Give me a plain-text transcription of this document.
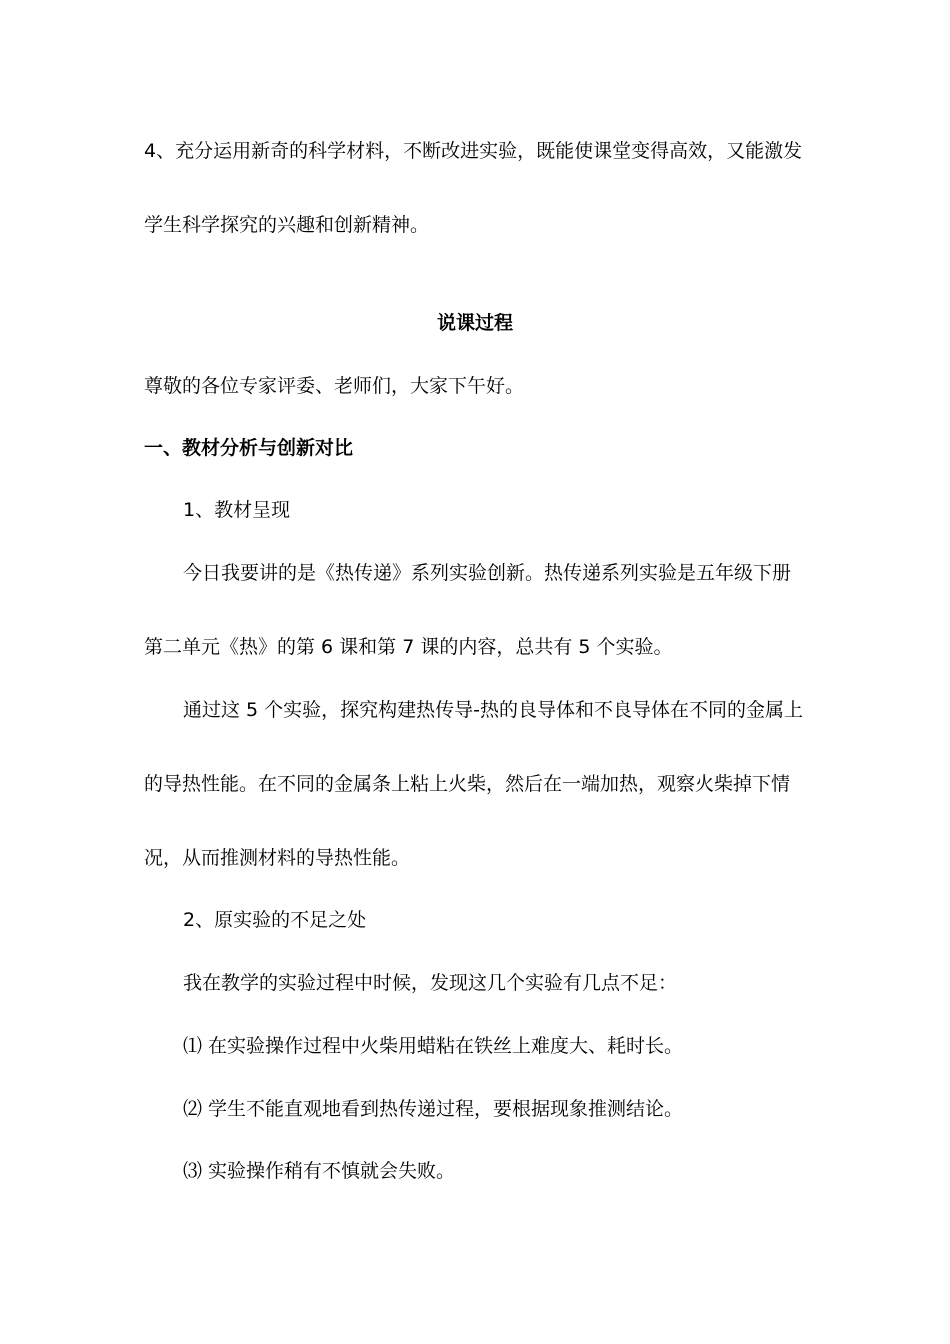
4、充分运用新奇的科学材料，不断改进实验，既能使课堂变得高效，又能激发
学生科学探究的兴趣和创新精神。
说课过程
尊敬的各位专家评委、老师们，大家下午好。
一、教材分析与创新对比
1、教材呈现
今日我要讲的是《热传递》系列实验创新。热传递系列实验是五年级下册
第二单元《热》的第 6 课和第 7 课的内容，总共有 5 个实验。
通过这 5 个实验，探究构建热传导-热的良导体和不良导体在不同的金属上
的导热性能。在不同的金属条上粘上火柴，然后在一端加热，观察火柴掉下情
况，从而推测材料的导热性能。
2、原实验的不足之处
我在教学的实验过程中时候，发现这几个实验有几点不足：
⑴ 在实验操作过程中火柴用蜡粘在铁丝上难度大、耗时长。
⑵ 学生不能直观地看到热传递过程，要根据现象推测结论。
⑶ 实验操作稍有不慎就会失败。
